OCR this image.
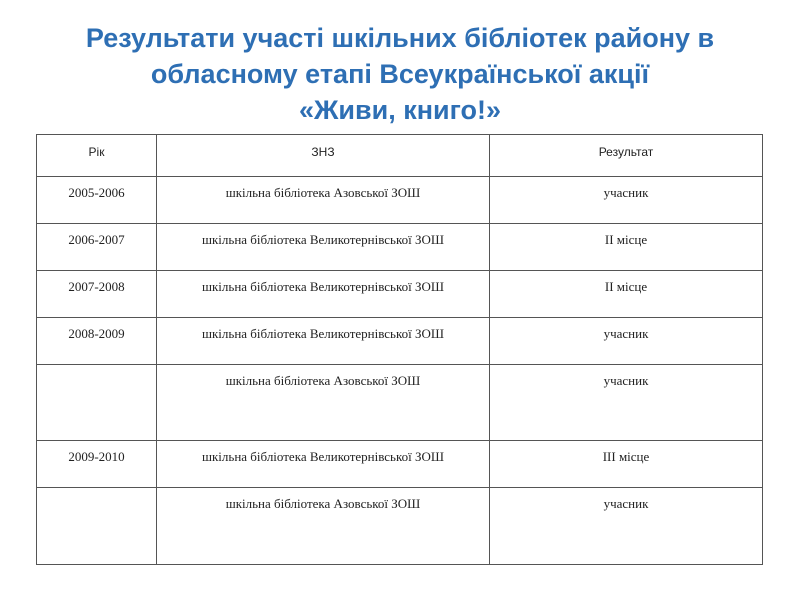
Результати участі шкільних бібліотек району в
обласному етапі Всеукраїнської акції
«Живи, книго!»
Рік	ЗНЗ	Результат
2005-2006	шкільна бібліотека Азовської ЗОШ	учасник
2006-2007	шкільна бібліотека Великотернівської ЗОШ	ІІ місце
2007-2008	шкільна бібліотека Великотернівської ЗОШ	ІІ місце
2008-2009	шкільна бібліотека Великотернівської ЗОШ	учасник
	шкільна бібліотека Азовської ЗОШ	учасник
2009-2010	шкільна бібліотека Великотернівської ЗОШ	ІІІ місце
	шкільна бібліотека Азовської ЗОШ	учасник
